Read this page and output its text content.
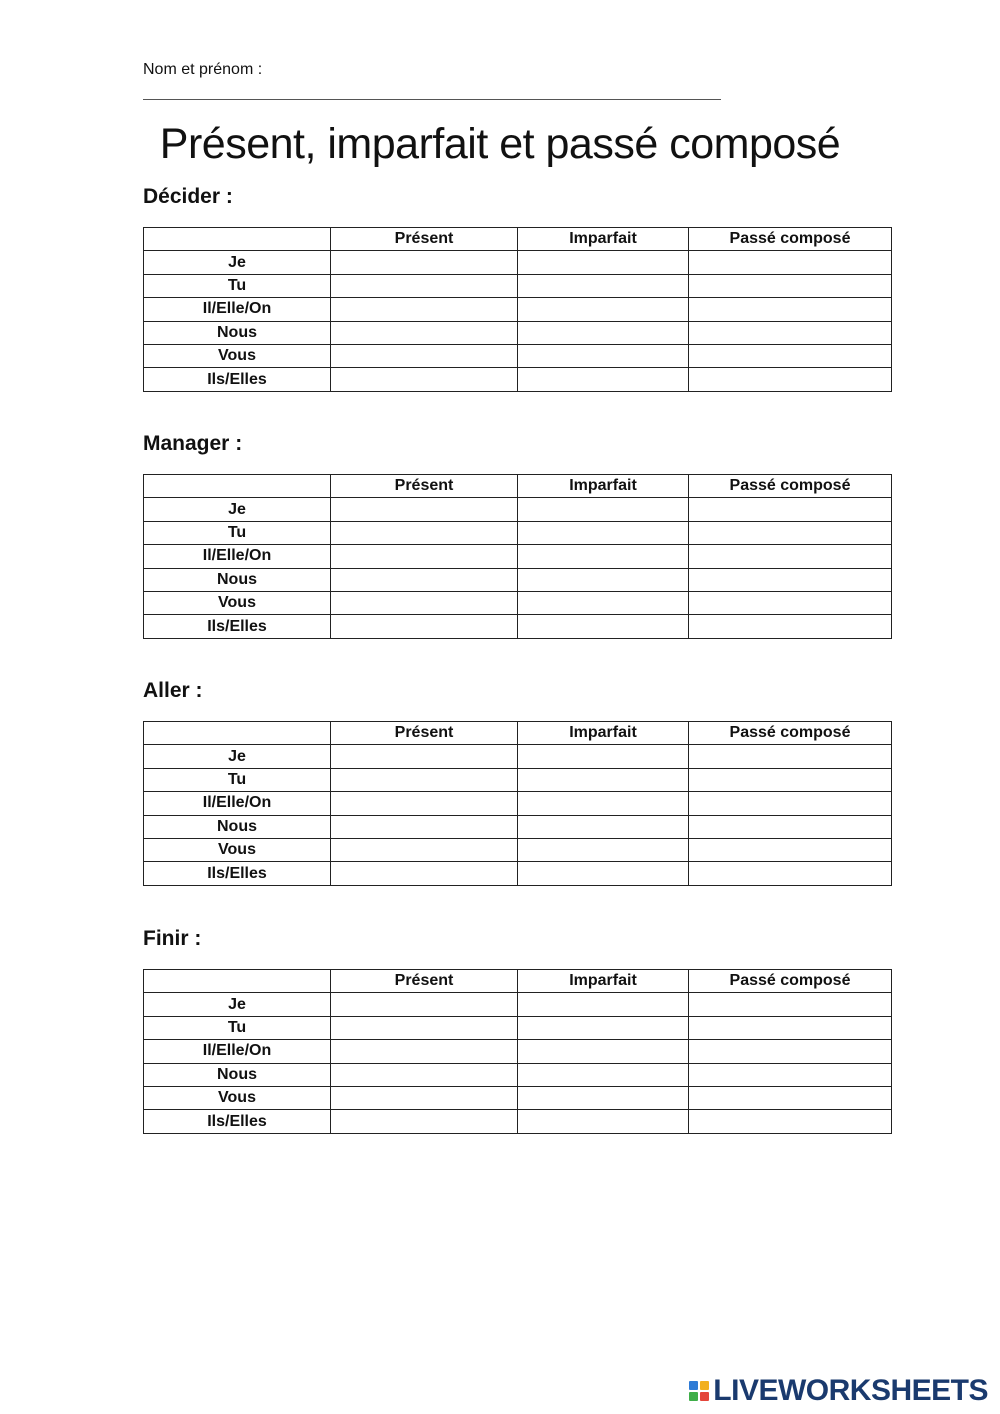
Nom et prénom :
Présent, imparfait et passé composé
Décider :
	Présent	Imparfait	Passé composé
Je			
Tu			
Il/Elle/On			
Nous			
Vous			
Ils/Elles			
Manager :
	Présent	Imparfait	Passé composé
Je			
Tu			
Il/Elle/On			
Nous			
Vous			
Ils/Elles			
Aller :
	Présent	Imparfait	Passé composé
Je			
Tu			
Il/Elle/On			
Nous			
Vous			
Ils/Elles			
Finir :
	Présent	Imparfait	Passé composé
Je			
Tu			
Il/Elle/On			
Nous			
Vous			
Ils/Elles			
LIVEWORKSHEETS
